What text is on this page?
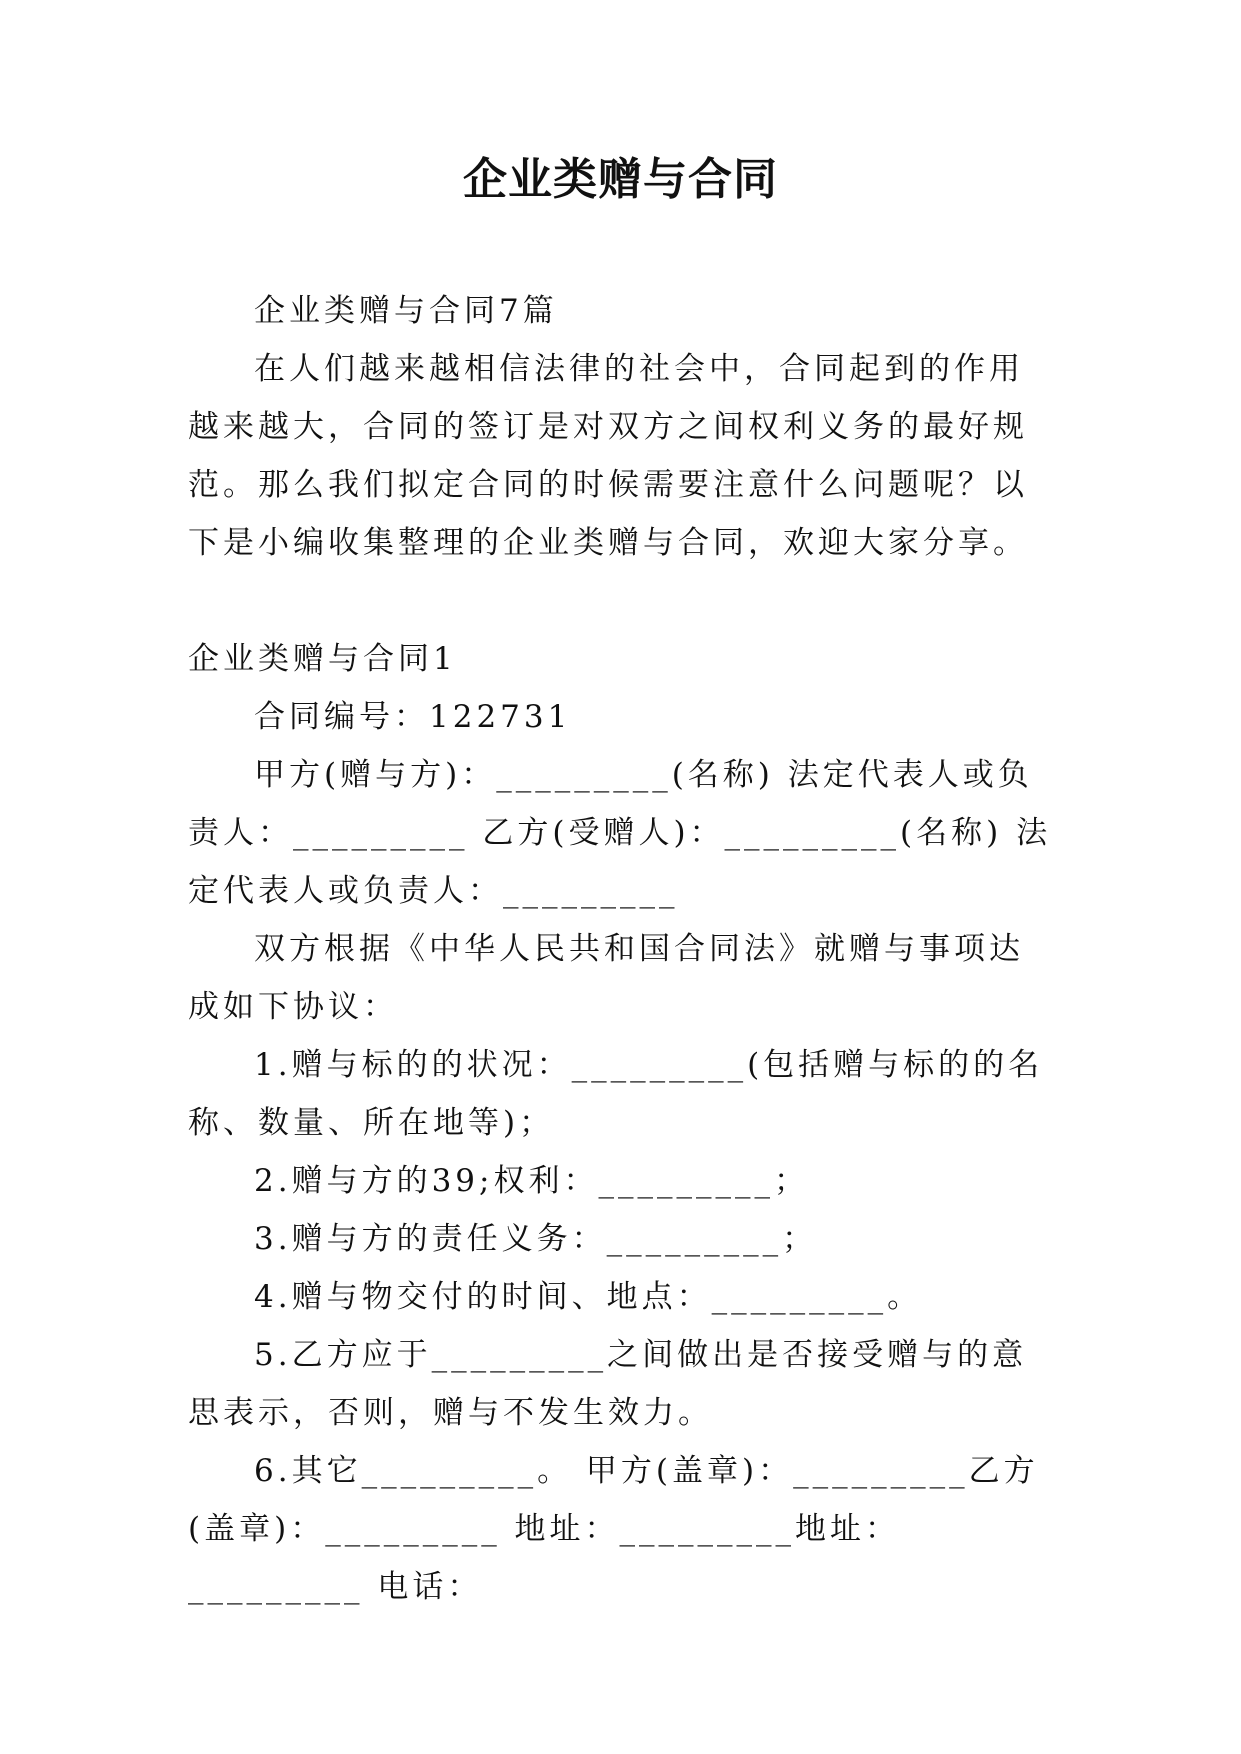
企业类赠与合同

企业类赠与合同7篇

在人们越来越相信法律的社会中，合同起到的作用越来越大，合同的签订是对双方之间权利义务的最好规范。那么我们拟定合同的时候需要注意什么问题呢？以下是小编收集整理的企业类赠与合同，欢迎大家分享。

企业类赠与合同1

合同编号：122731

甲方(赠与方)：_________(名称) 法定代表人或负责人：_________ 乙方(受赠人)：_________(名称) 法定代表人或负责人：_________

双方根据《中华人民共和国合同法》就赠与事项达成如下协议：

1.赠与标的的状况：_________(包括赠与标的的名称、数量、所在地等)；

2.赠与方的39;权利：_________；

3.赠与方的责任义务：_________；

4.赠与物交付的时间、地点：_________。

5.乙方应于_________之间做出是否接受赠与的意思表示，否则，赠与不发生效力。

6.其它_________。 甲方(盖章)：_________乙方(盖章)：_________ 地址：_________地址：_________ 电话：
